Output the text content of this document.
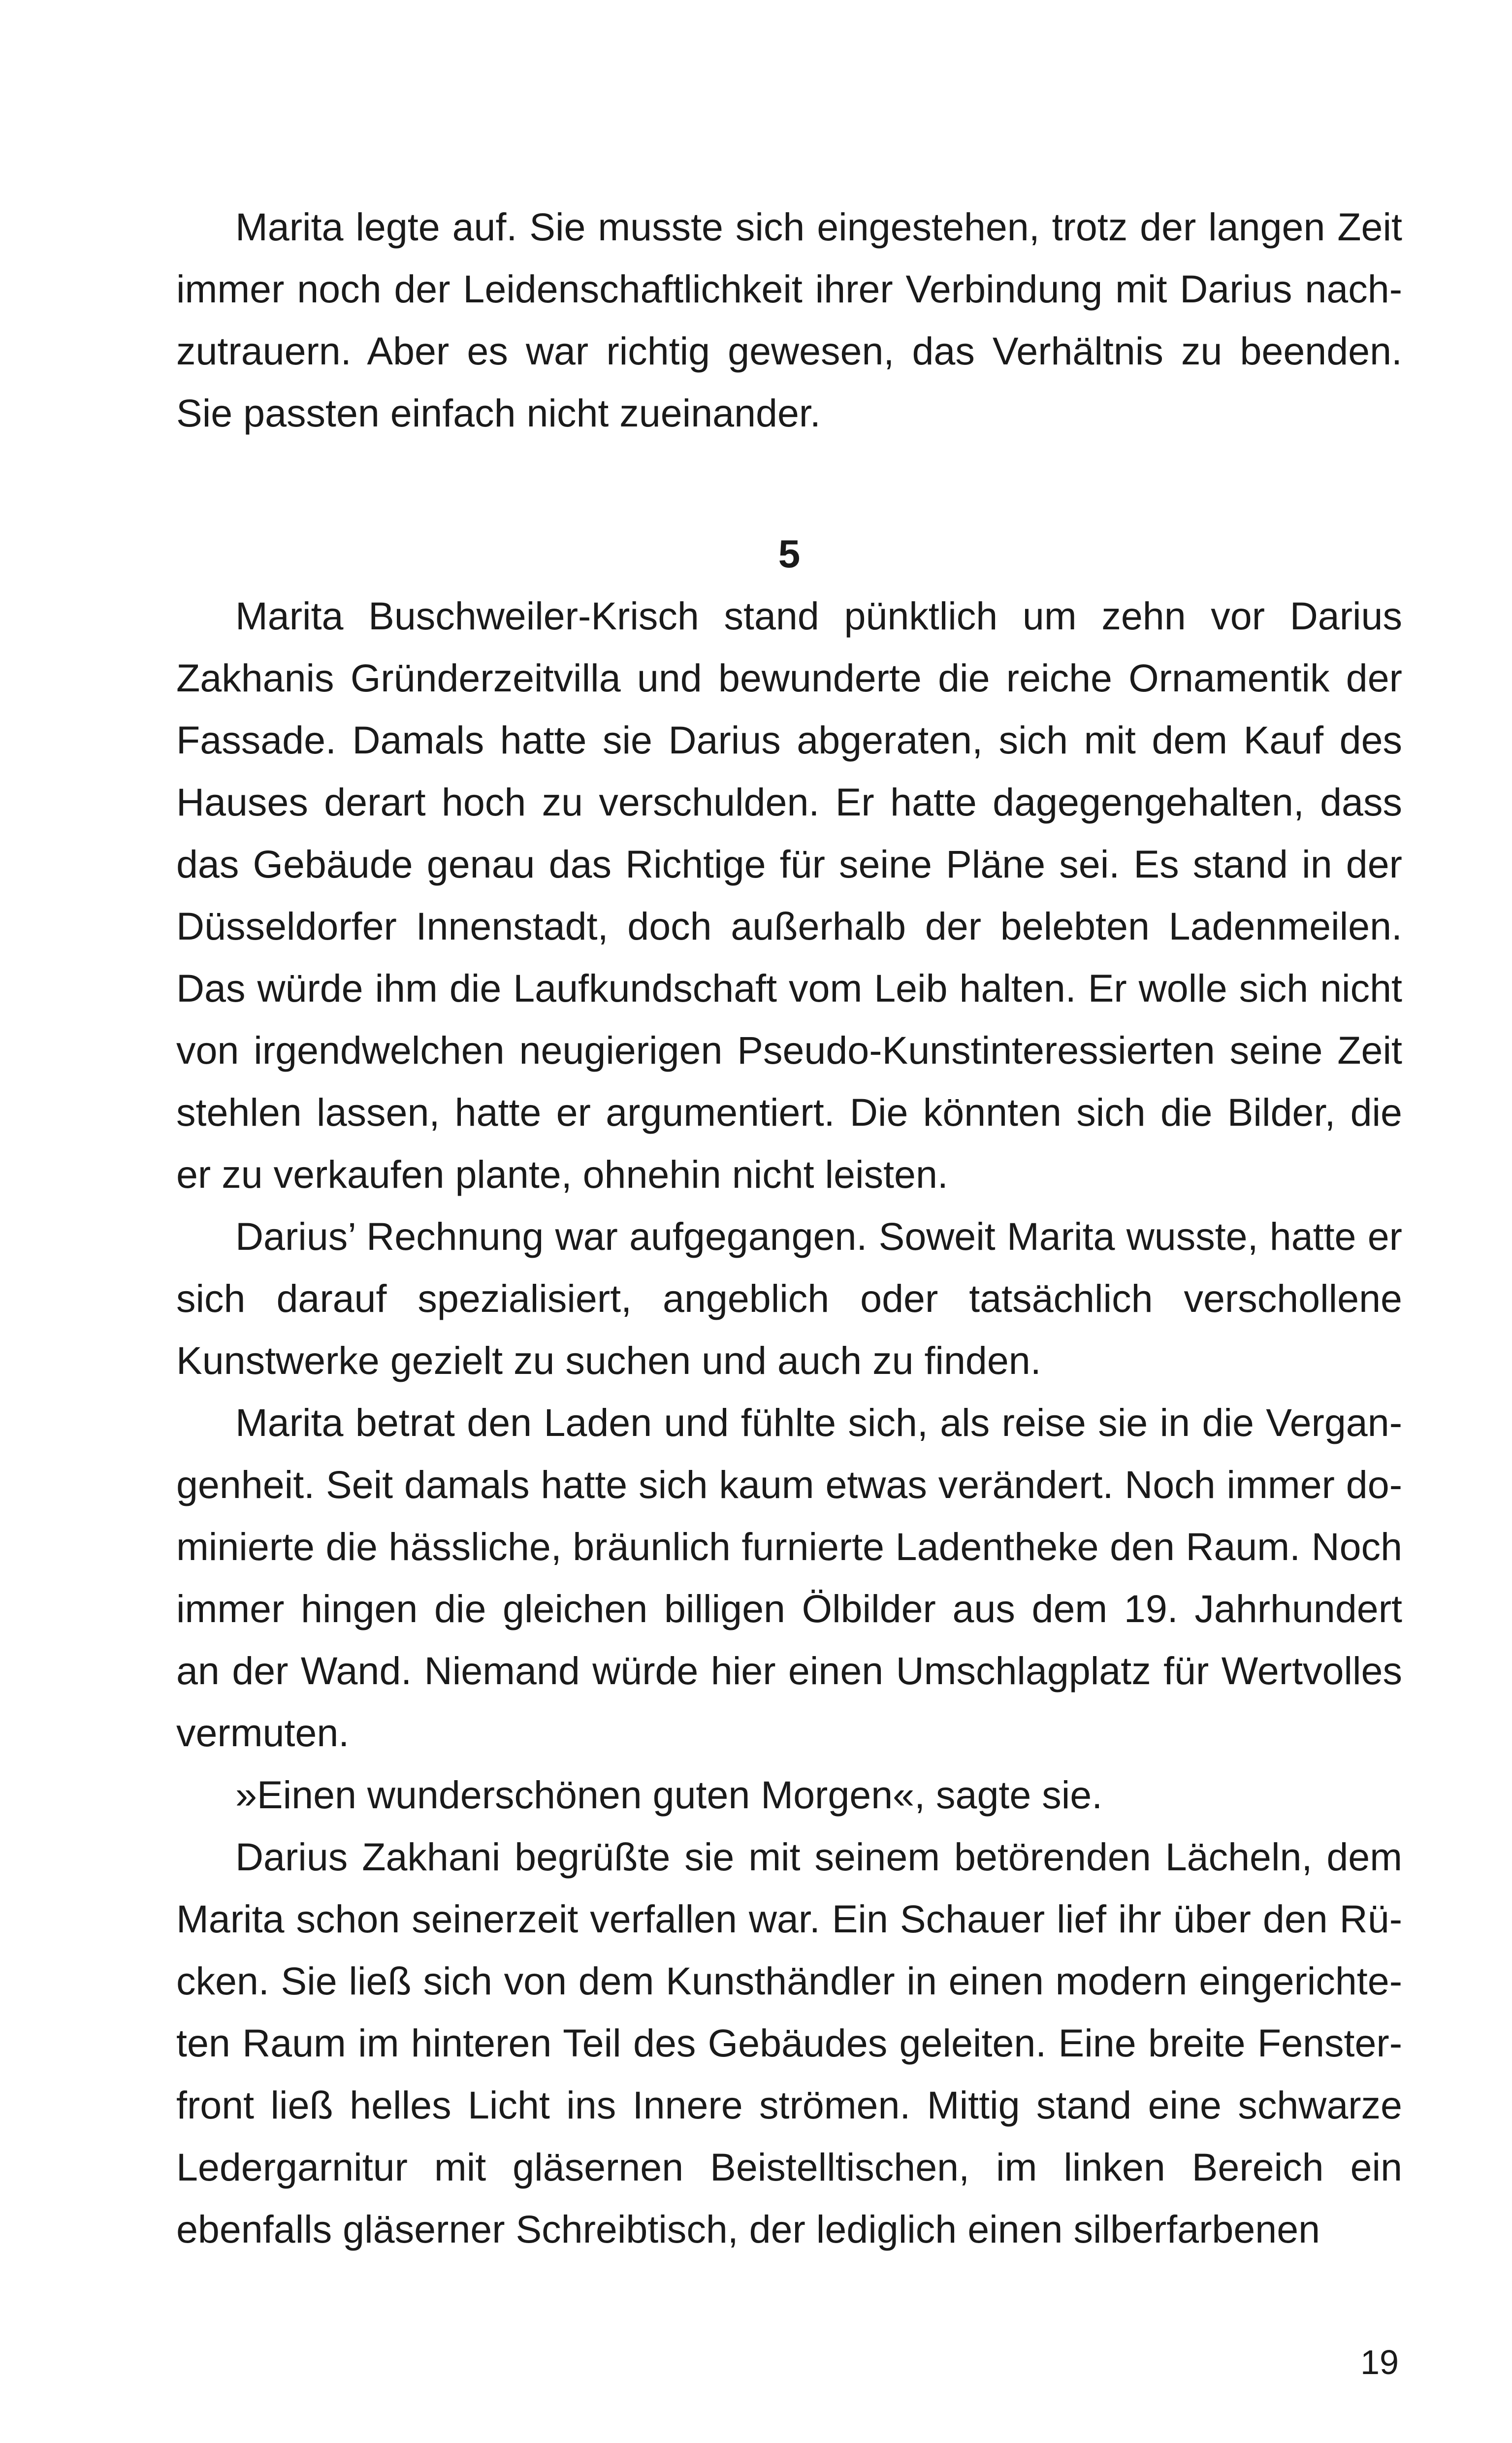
Marita legte auf. Sie musste sich eingestehen, trotz der langen Zeit immer noch der Leidenschaftlichkeit ihrer Verbindung mit Darius nachzutrauern. Aber es war richtig gewesen, das Verhältnis zu beenden. Sie passten einfach nicht zueinander.

5

Marita Buschweiler-Krisch stand pünktlich um zehn vor Darius Zakhanis Gründerzeitvilla und bewunderte die reiche Ornamentik der Fassade. Damals hatte sie Darius abgeraten, sich mit dem Kauf des Hauses derart hoch zu verschulden. Er hatte dagegengehalten, dass das Gebäude genau das Richtige für seine Pläne sei. Es stand in der Düsseldorfer Innenstadt, doch außerhalb der belebten Ladenmeilen. Das würde ihm die Laufkundschaft vom Leib halten. Er wolle sich nicht von irgendwelchen neugierigen Pseudo-Kunstinteressierten seine Zeit stehlen lassen, hatte er argumentiert. Die könnten sich die Bilder, die er zu verkaufen plante, ohnehin nicht leisten.

Darius’ Rechnung war aufgegangen. Soweit Marita wusste, hatte er sich darauf spezialisiert, angeblich oder tatsächlich verschollene Kunstwerke gezielt zu suchen und auch zu finden.

Marita betrat den Laden und fühlte sich, als reise sie in die Vergangenheit. Seit damals hatte sich kaum etwas verändert. Noch immer dominierte die hässliche, bräunlich furnierte Ladentheke den Raum. Noch immer hingen die gleichen billigen Ölbilder aus dem 19. Jahrhundert an der Wand. Niemand würde hier einen Umschlagplatz für Wertvolles vermuten.

»Einen wunderschönen guten Morgen«, sagte sie.

Darius Zakhani begrüßte sie mit seinem betörenden Lächeln, dem Marita schon seinerzeit verfallen war. Ein Schauer lief ihr über den Rücken. Sie ließ sich von dem Kunsthändler in einen modern eingerichteten Raum im hinteren Teil des Gebäudes geleiten. Eine breite Fensterfront ließ helles Licht ins Innere strömen. Mittig stand eine schwarze Ledergarnitur mit gläsernen Beistelltischen, im linken Bereich ein ebenfalls gläserner Schreibtisch, der lediglich einen silberfarbenen

19
